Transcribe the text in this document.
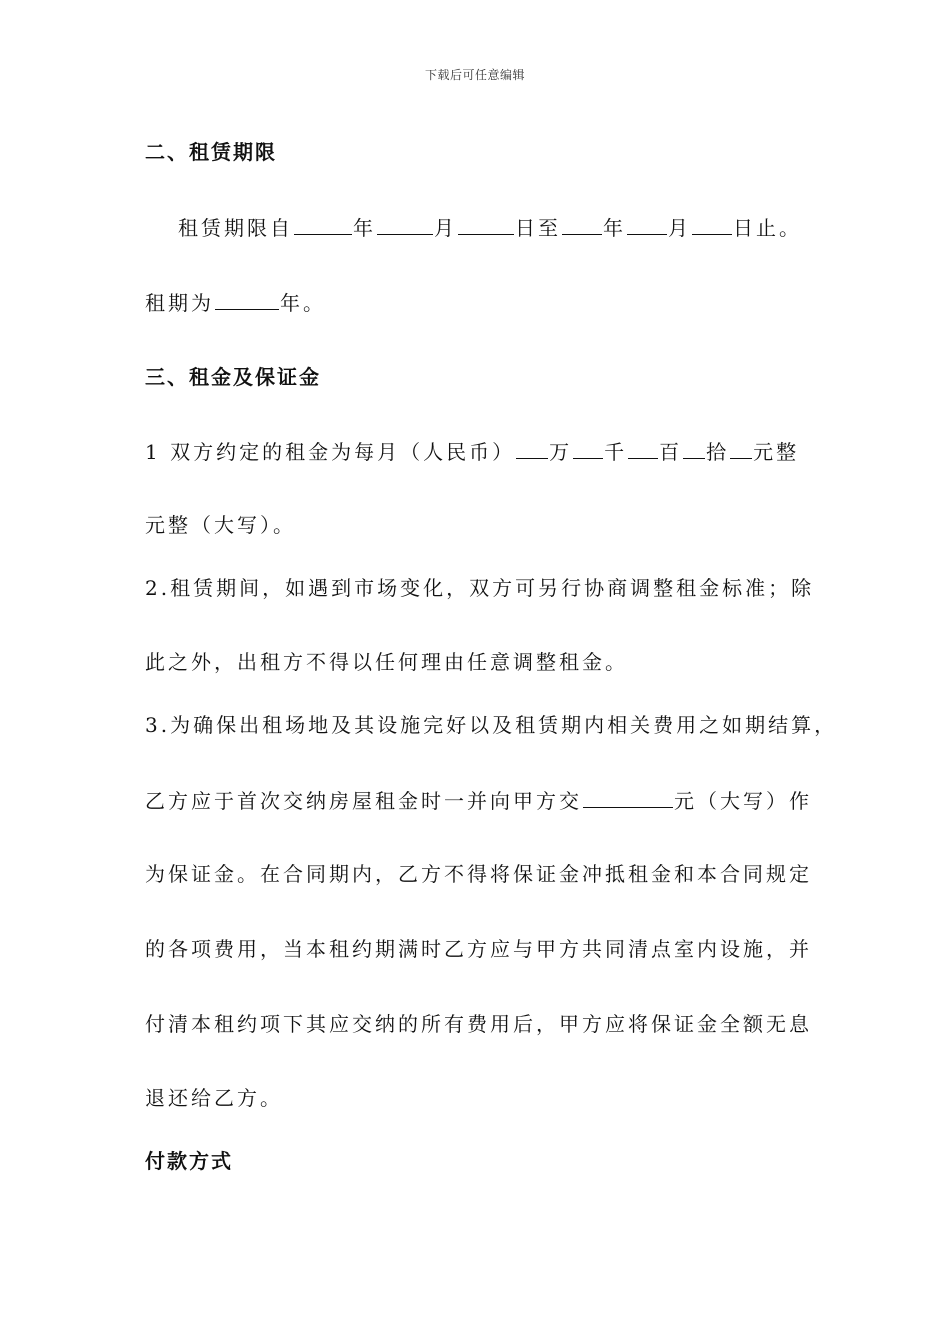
下载后可任意编辑
二、租赁期限
租赁期限自	年	月	日至 年 月 日止。
租期为	年。
三、租金及保证金
1 双方约定的租金为每月（人民币） 万 千 百 拾 元整
元整（大写）。
2.租赁期间，如遇到市场变化，双方可另行协商调整租金标准；除
此之外，出租方不得以任何理由任意调整租金。
3.为确保出租场地及其设施完好以及租赁期内相关费用之如期结算，
乙方应于首次交纳房屋租金时一并向甲方交	元（大写）作
为保证金。在合同期内，乙方不得将保证金冲抵租金和本合同规定
的各项费用，当本租约期满时乙方应与甲方共同清点室内设施，并
付清本租约项下其应交纳的所有费用后，甲方应将保证金全额无息
退还给乙方。
付款方式
